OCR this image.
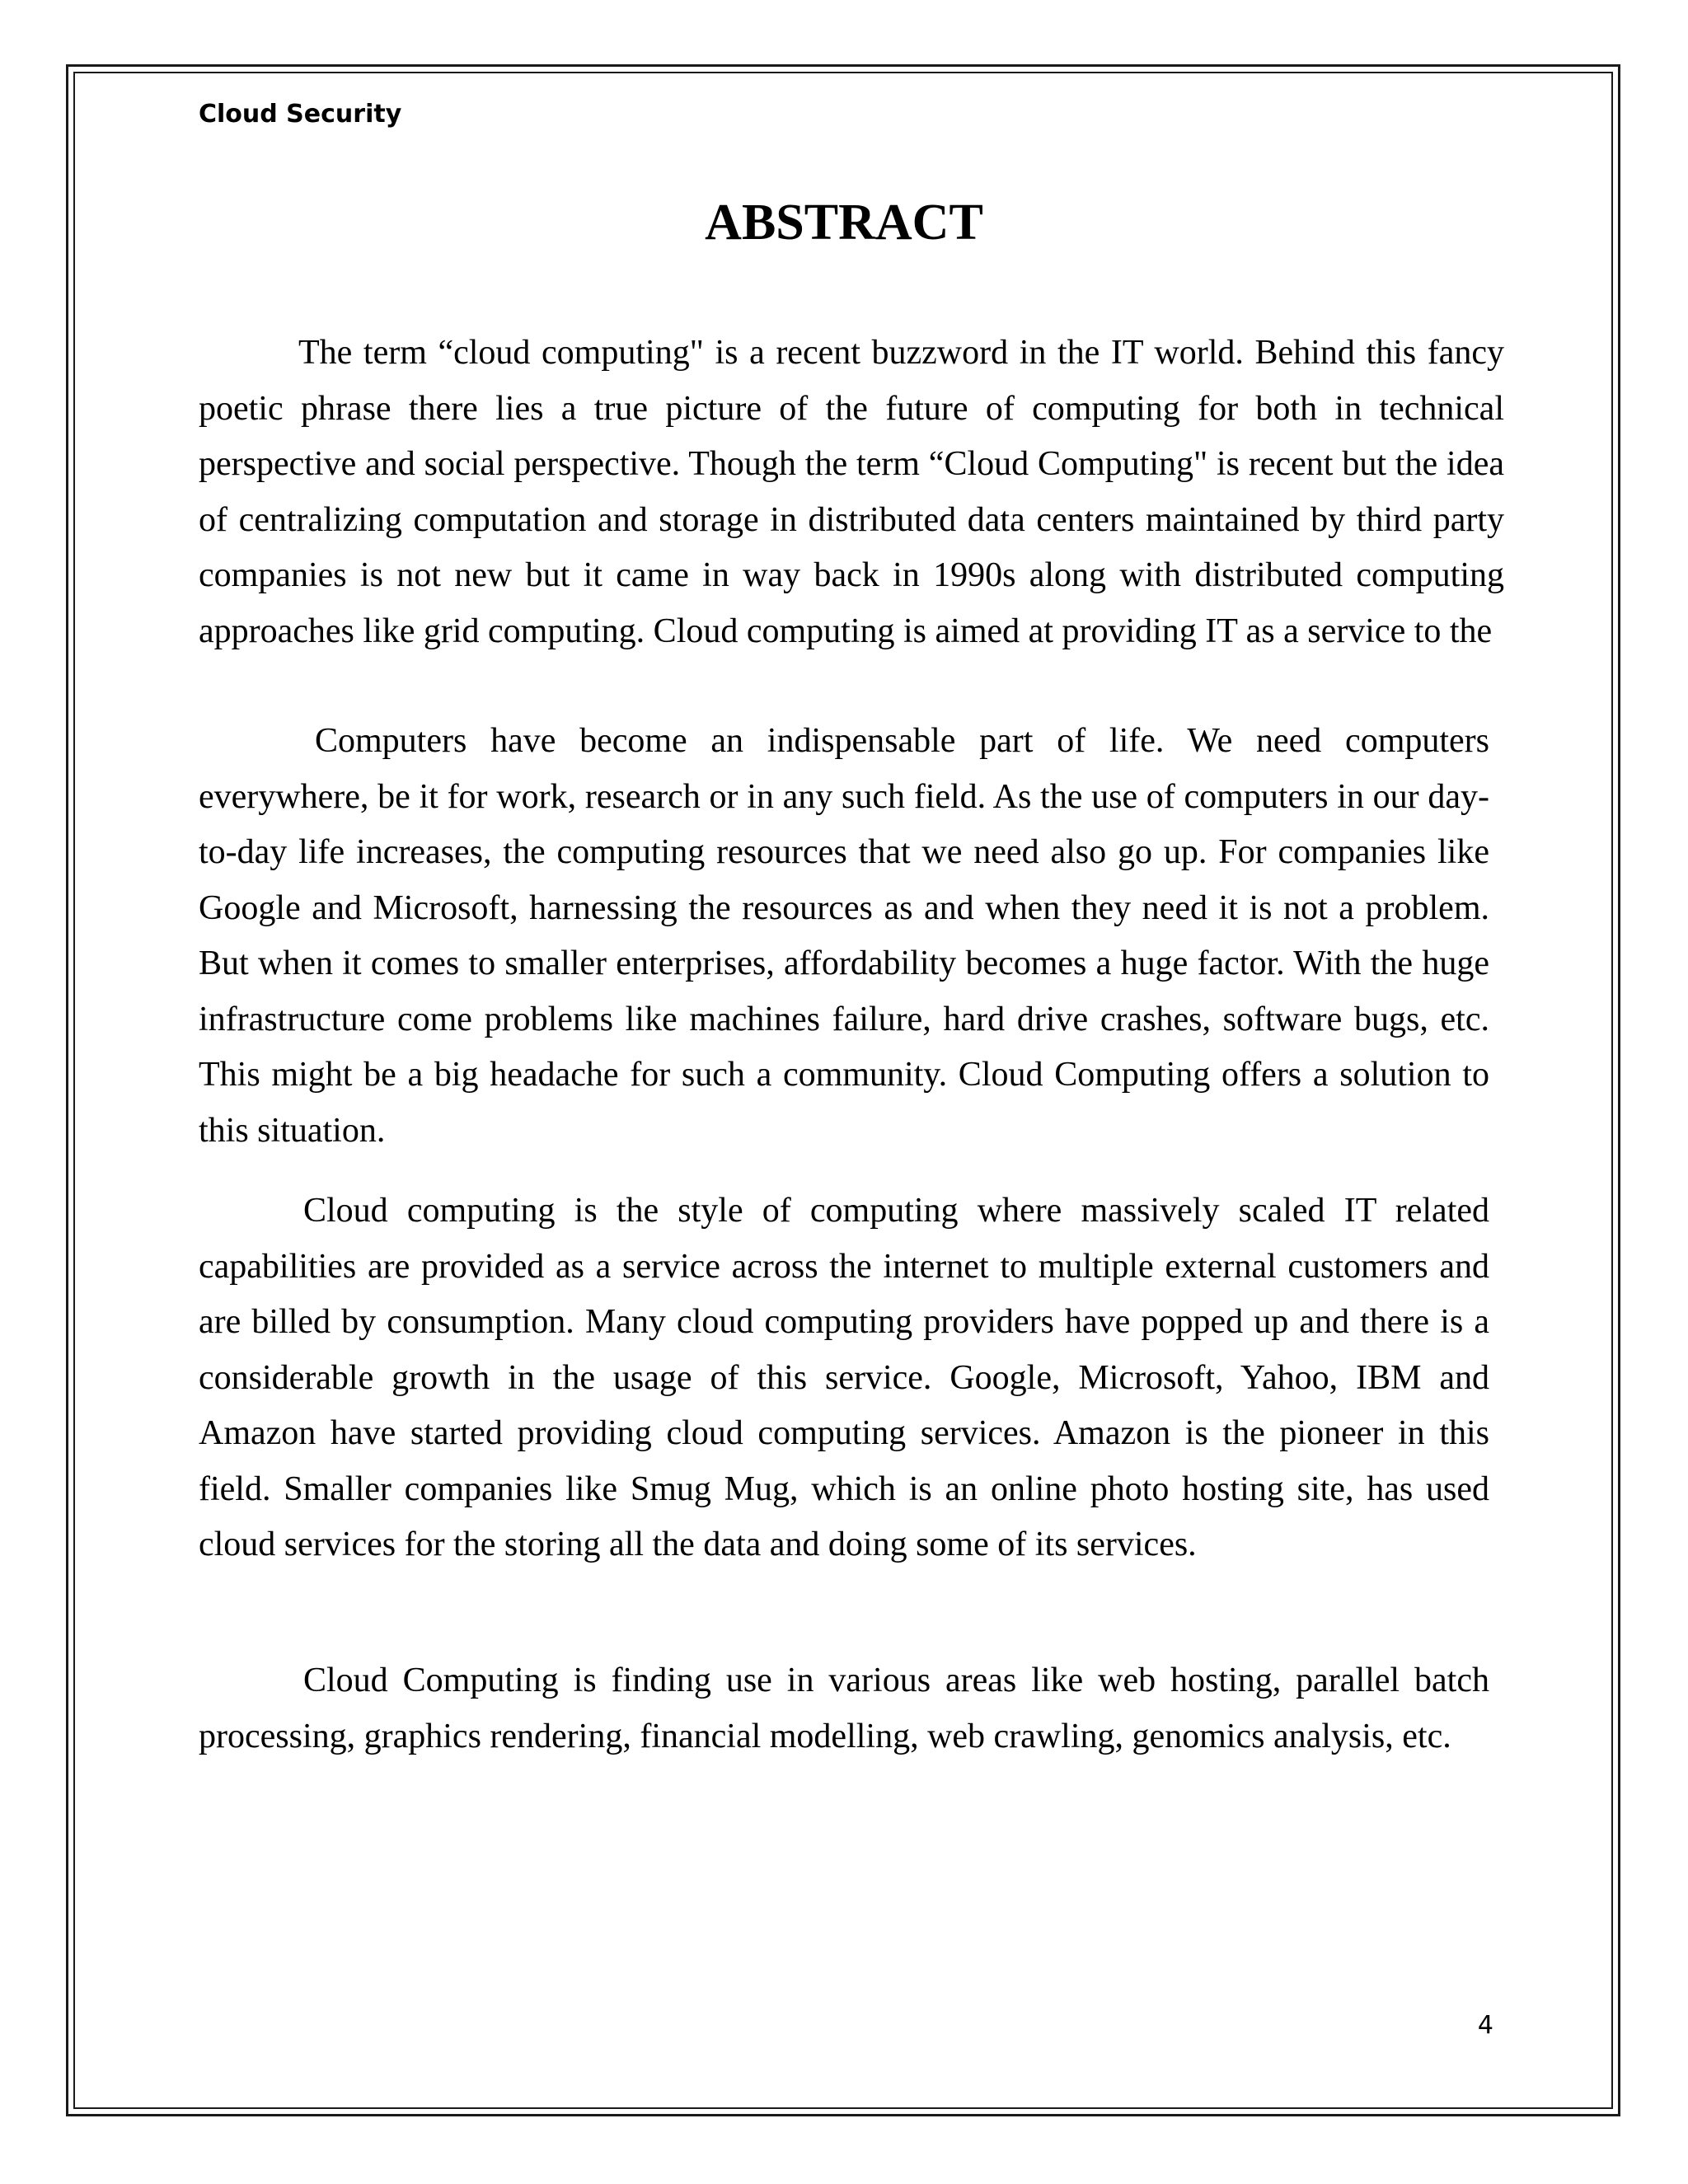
Cloud Security
ABSTRACT

The term “cloud computing" is a recent buzzword in the IT world. Behind this fancy poetic phrase there lies a true picture of the future of computing for both in technical perspective and social perspective. Though the term “Cloud Computing" is recent but the idea of centralizing computation and storage in distributed data centers maintained by third party companies is not new but it came in way back in 1990s along with distributed computing approaches like grid computing. Cloud computing is aimed at providing IT as a service to the

Computers have become an indispensable part of life. We need computers everywhere, be it for work, research or in any such field. As the use of computers in our day-to-day life increases, the computing resources that we need also go up. For companies like Google and Microsoft, harnessing the resources as and when they need it is not a problem. But when it comes to smaller enterprises, affordability becomes a huge factor. With the huge infrastructure come problems like machines failure, hard drive crashes, software bugs, etc. This might be a big headache for such a community. Cloud Computing offers a solution to this situation.

Cloud computing is the style of computing where massively scaled IT related capabilities are provided as a service across the internet to multiple external customers and are billed by consumption. Many cloud computing providers have popped up and there is a considerable growth in the usage of this service. Google, Microsoft, Yahoo, IBM and Amazon have started providing cloud computing services. Amazon is the pioneer in this field. Smaller companies like Smug Mug, which is an online photo hosting site, has used cloud services for the storing all the data and doing some of its services.

Cloud Computing is finding use in various areas like web hosting, parallel batch processing, graphics rendering, financial modelling, web crawling, genomics analysis, etc.

4
